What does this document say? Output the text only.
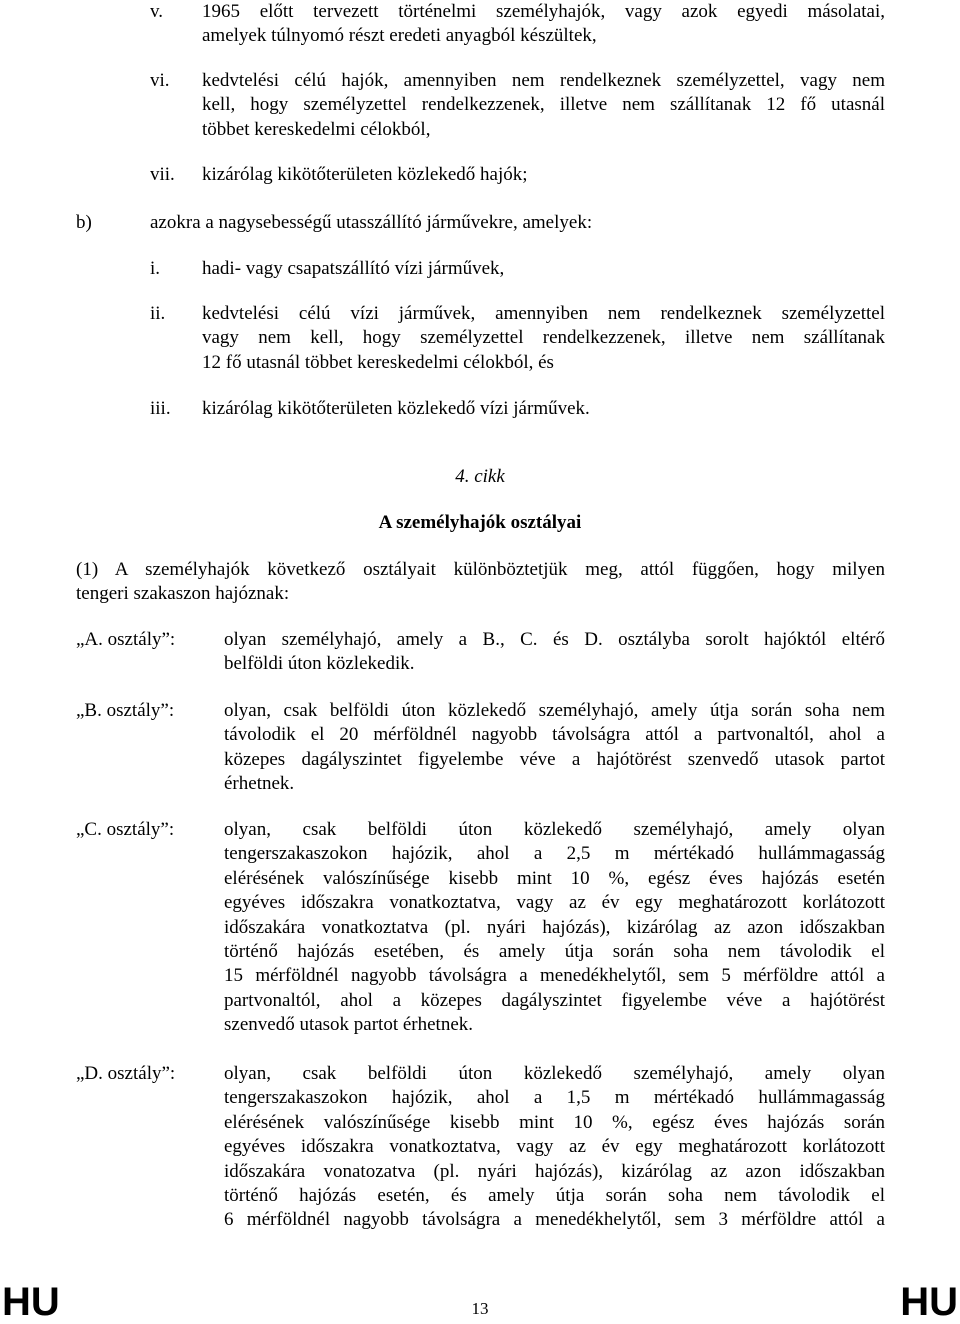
v. 1965 előtt tervezett történelmi személyhajók, vagy azok egyedi másolatai,
amelyek túlnyomó részt eredeti anyagból készültek,
vi. kedvtelési célú hajók, amennyiben nem rendelkeznek személyzettel, vagy nem
kell, hogy személyzettel rendelkezzenek, illetve nem szállítanak 12 fő utasnál
többet kereskedelmi célokból,
vii. kizárólag kikötőterületen közlekedő hajók;
b)	azokra a nagysebességű utasszállító járművekre, amelyek:
i. hadi- vagy csapatszállító vízi járművek,
ii. kedvtelési célú vízi járművek, amennyiben nem rendelkeznek személyzettel
vagy nem kell, hogy személyzettel rendelkezzenek, illetve nem szállítanak
12 fő utasnál többet kereskedelmi célokból, és
iii. kizárólag kikötőterületen közlekedő vízi járművek.
4. cikk
A személyhajók osztályai
(1) A személyhajók következő osztályait különböztetjük meg, attól függően, hogy milyen
tengeri szakaszon hajóznak:
„A. osztály”:	olyan személyhajó, amely a B., C. és D. osztályba sorolt hajóktól eltérő
belföldi úton közlekedik.
„B. osztály”:	olyan, csak belföldi úton közlekedő személyhajó, amely útja során soha nem
távolodik el 20 mérföldnél nagyobb távolságra attól a partvonaltól, ahol a
közepes dagályszintet figyelembe véve a hajótörést szenvedő utasok partot
érhetnek.
„C. osztály”:	olyan, csak belföldi úton közlekedő személyhajó, amely olyan
tengerszakaszokon hajózik, ahol a 2,5 m mértékadó hullámmagasság
elérésének valószínűsége kisebb mint 10 %, egész éves hajózás esetén
egyéves időszakra vonatkoztatva, vagy az év egy meghatározott korlátozott
időszakára vonatkoztatva (pl. nyári hajózás), kizárólag az azon időszakban
történő hajózás esetében, és amely útja során soha nem távolodik el
15 mérföldnél nagyobb távolságra a menedékhelytől, sem 5 mérföldre attól a
partvonaltól, ahol a közepes dagályszintet figyelembe véve a hajótörést
szenvedő utasok partot érhetnek.
„D. osztály”:	olyan, csak belföldi úton közlekedő személyhajó, amely olyan
tengerszakaszokon hajózik, ahol a 1,5 m mértékadó hullámmagasság
elérésének valószínűsége kisebb mint 10 %, egész éves hajózás során
egyéves időszakra vonatkoztatva, vagy az év egy meghatározott korlátozott
időszakára vonatozatva (pl. nyári hajózás), kizárólag az azon időszakban
történő hajózás esetén, és amely útja során soha nem távolodik el
6 mérföldnél nagyobb távolságra a menedékhelytől, sem 3 mérföldre attól a
HU	13	HU
